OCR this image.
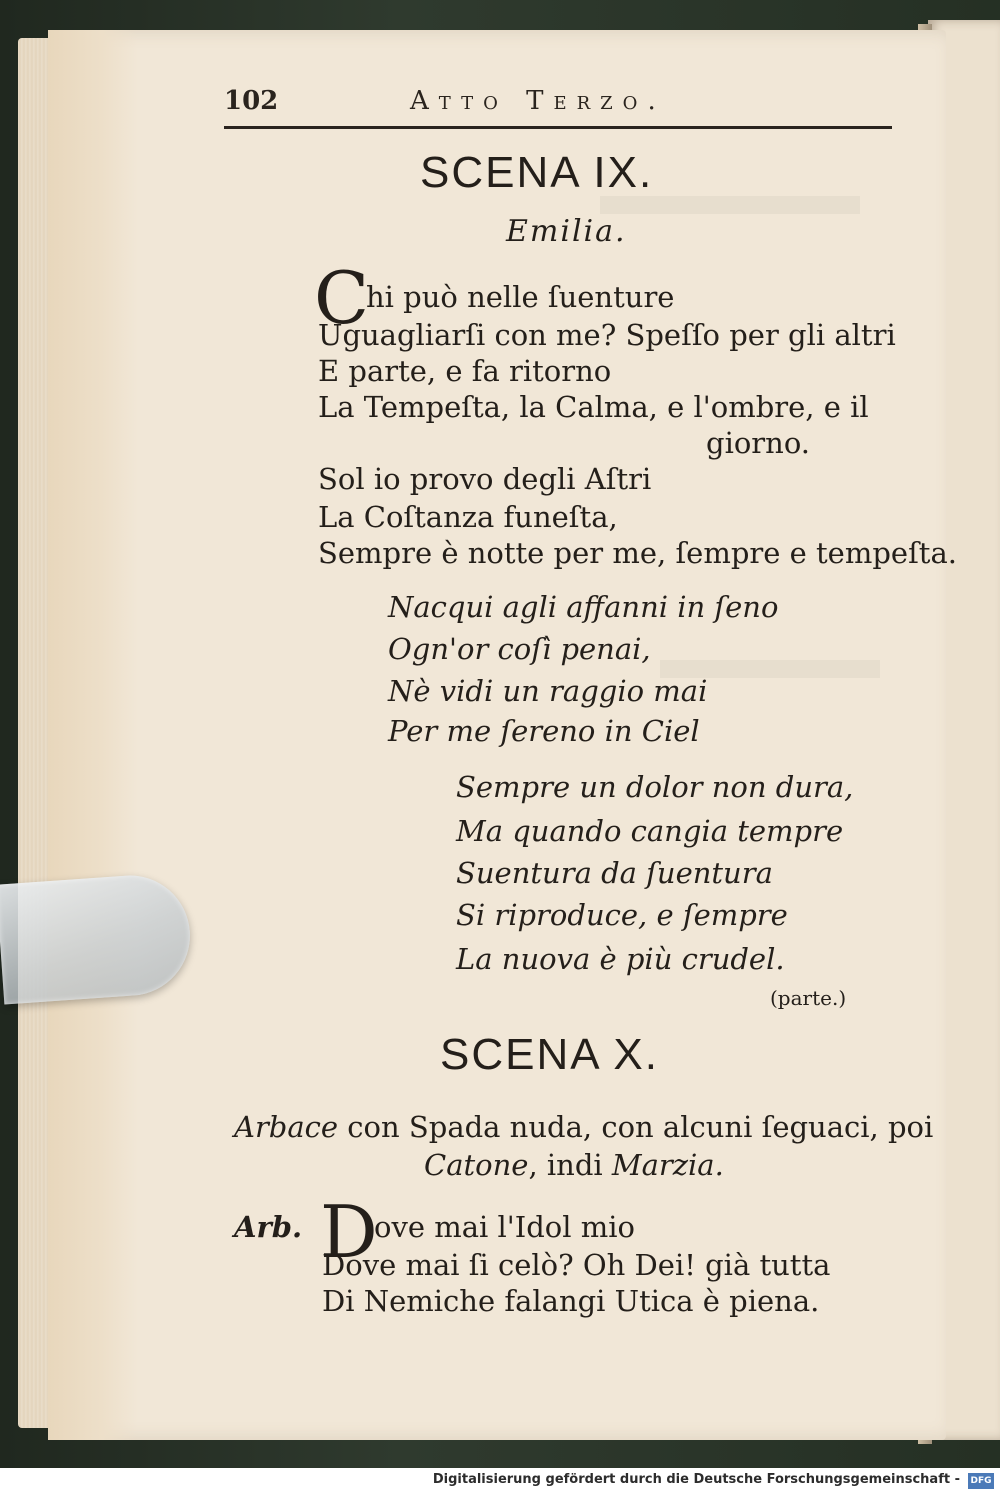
102	Atto Terzo.
SCENA IX.
Emilia.
C
hi può nelle ſuenture
Uguagliarſi con me? Speſſo per gli altri
E parte, e fa ritorno
La Tempeſta, la Calma, e l'ombre, e il
giorno.
Sol io provo degli Aſtri
La Coſtanza funeſta,
Sempre è notte per me, ſempre e tempeſta.
Nacqui agli affanni in ſeno
Ogn'or coſì penai,
Nè vidi un raggio mai
Per me ſereno in Ciel
Sempre un dolor non dura,
Ma quando cangia tempre
Suentura da ſuentura
Si riproduce, e ſempre
La nuova è più crudel.
(parte.)
SCENA X.
Arbace con Spada nuda, con alcuni ſeguaci, poi
Catone, indi Marzia.
Arb. D
ove mai l'Idol mio
Dove mai ſi celò? Oh Dei! già tutta
Di Nemiche falangi Utica è piena.
Digitalisierung gefördert durch die Deutsche Forschungsgemeinschaft - DFG
